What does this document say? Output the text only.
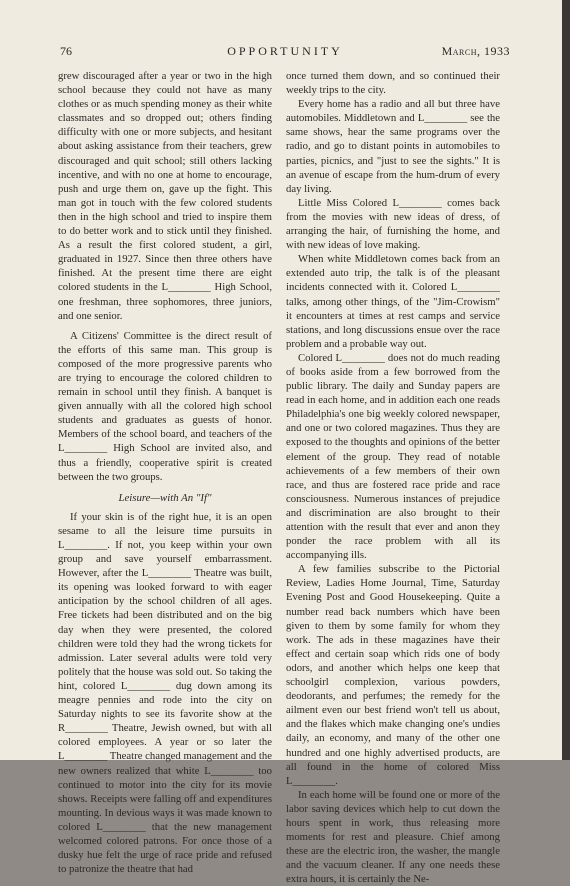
76	OPPORTUNITY	March, 1933

grew discouraged after a year or two in the high school because they could not have as many clothes or as much spending money as their white classmates and so dropped out; others finding difficulty with one or more subjects, and hesitant about asking assistance from their teachers, grew discouraged and quit school; still others lacking incentive, and with no one at home to encourage, push and urge them on, gave up the fight. This man got in touch with the few colored students then in the high school and tried to inspire them to do better work and to stick until they finished. As a result the first colored student, a girl, graduated in 1927. Since then three others have finished. At the present time there are eight colored students in the L________ High School, one freshman, three sophomores, three juniors, and one senior.

A Citizens' Committee is the direct result of the efforts of this same man. This group is composed of the more progressive parents who are trying to encourage the colored children to remain in school until they finish. A banquet is given annually with all the colored high school students and graduates as guests of honor. Members of the school board, and teachers of the L________ High School are invited also, and thus a friendly, cooperative spirit is created between the two groups.

Leisure—with An "If"

If your skin is of the right hue, it is an open sesame to all the leisure time pursuits in L________. If not, you keep within your own group and save yourself embarrassment. However, after the L________ Theatre was built, its opening was looked forward to with eager anticipation by the school children of all ages. Free tickets had been distributed and on the big day when they were presented, the colored children were told they had the wrong tickets for admission. Later several adults were told very politely that the house was sold out. So taking the hint, colored L________ dug down among its meagre pennies and rode into the city on Saturday nights to see its favorite show at the R________ Theatre, Jewish owned, but with all colored employees. A year or so later the L________ Theatre changed management and the new owners realized that white L________ too continued to motor into the city for its movie shows. Receipts were falling off and expenditures mounting. In devious ways it was made known to colored L________ that the new management welcomed colored patrons. For once those of a dusky hue felt the urge of race pride and refused to patronize the theatre that had

once turned them down, and so continued their weekly trips to the city.

Every home has a radio and all but three have automobiles. Middletown and L________ see the same shows, hear the same programs over the radio, and go to distant points in automobiles to parties, picnics, and "just to see the sights." It is an avenue of escape from the hum-drum of every day living.

Little Miss Colored L________ comes back from the movies with new ideas of dress, of arranging the hair, of furnishing the home, and with new ideas of love making.

When white Middletown comes back from an extended auto trip, the talk is of the pleasant incidents connected with it. Colored L________ talks, among other things, of the "Jim-Crowism" it encounters at times at rest camps and service stations, and long discussions ensue over the race problem and a probable way out.

Colored L________ does not do much reading of books aside from a few borrowed from the public library. The daily and Sunday papers are read in each home, and in addition each one reads Philadelphia's one big weekly colored newspaper, and one or two colored magazines. Thus they are exposed to the thoughts and opinions of the better element of the group. They read of notable achievements of a few members of their own race, and thus are fostered race pride and race consciousness. Numerous instances of prejudice and discrimination are also brought to their attention with the result that ever and anon they ponder the race problem with all its accompanying ills.

A few families subscribe to the Pictorial Review, Ladies Home Journal, Time, Saturday Evening Post and Good Housekeeping. Quite a number read back numbers which have been given to them by some family for whom they work. The ads in these magazines have their effect and certain soap which rids one of body odors, and another which helps one keep that schoolgirl complexion, various powders, deodorants, and perfumes; the remedy for the ailment even our best friend won't tell us about, and the flakes which make changing one's undies daily, an economy, and many of the other one hundred and one highly advertised products, are all found in the home of colored Miss L________.

In each home will be found one or more of the labor saving devices which help to cut down the hours spent in work, thus releasing more moments for rest and pleasure. Chief among these are the electric iron, the washer, the mangle and the vacuum cleaner. If any one needs these extra hours, it is certainly the Ne-
